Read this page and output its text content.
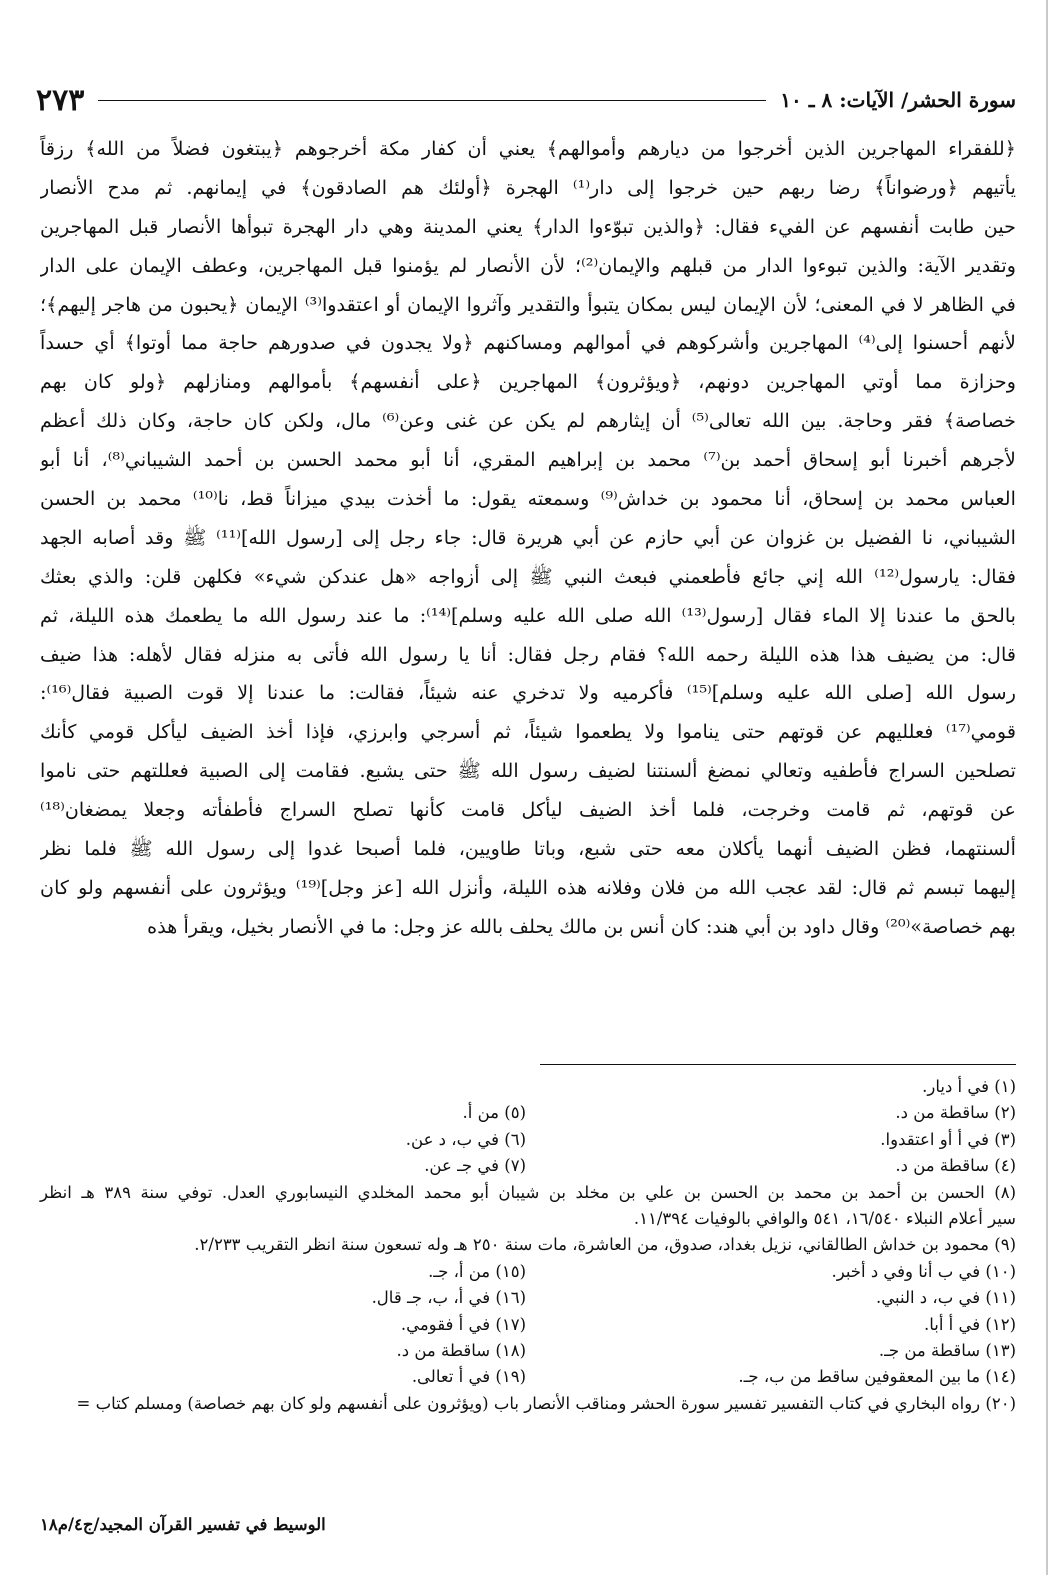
سورة الحشر/ الآيات: ٨ ـ ١٠
٢٧٣
﴿للفقراء المهاجرين الذين أخرجوا من ديارهم وأموالهم﴾ يعني أن كفار مكة أخرجوهم ﴿يبتغون فضلاً من الله﴾ رزقاً
يأتيهم ﴿ورضواناً﴾ رضا ربهم حين خرجوا إلى دار⁽¹⁾ الهجرة ﴿أولئك هم الصادقون﴾ في إيمانهم. ثم مدح الأنصار
حين طابت أنفسهم عن الفيء فقال: ﴿والذين تبوّءوا الدار﴾ يعني المدينة وهي دار الهجرة تبوأها الأنصار قبل المهاجرين
وتقدير الآية: والذين تبوءوا الدار من قبلهم والإيمان⁽²⁾؛ لأن الأنصار لم يؤمنوا قبل المهاجرين، وعطف الإيمان على الدار
في الظاهر لا في المعنى؛ لأن الإيمان ليس بمكان يتبوأ والتقدير وآثروا الإيمان أو اعتقدوا⁽³⁾ الإيمان ﴿يحبون من هاجر إليهم﴾؛
لأنهم أحسنوا إلى⁽⁴⁾ المهاجرين وأشركوهم في أموالهم ومساكنهم ﴿ولا يجدون في صدورهم حاجة مما أوتوا﴾ أي حسداً
وحزازة مما أوتي المهاجرين دونهم، ﴿ويؤثرون﴾ المهاجرين ﴿على أنفسهم﴾ بأموالهم ومنازلهم ﴿ولو كان بهم
خصاصة﴾ فقر وحاجة. بين الله تعالى⁽⁵⁾ أن إيثارهم لم يكن عن غنى وعن⁽⁶⁾ مال، ولكن كان حاجة، وكان ذلك أعظم
لأجرهم أخبرنا أبو إسحاق أحمد بن⁽⁷⁾ محمد بن إبراهيم المقري، أنا أبو محمد الحسن بن أحمد الشيباني⁽⁸⁾، أنا أبو
العباس محمد بن إسحاق، أنا محمود بن خداش⁽⁹⁾ وسمعته يقول: ما أخذت بيدي ميزاناً قط، نا⁽¹⁰⁾ محمد بن الحسن
الشيباني، نا الفضيل بن غزوان عن أبي حازم عن أبي هريرة قال: جاء رجل إلى [رسول الله]⁽¹¹⁾ ﷺ وقد أصابه الجهد
فقال: يارسول⁽¹²⁾ الله إني جائع فأطعمني فبعث النبي ﷺ إلى أزواجه «هل عندكن شيء» فكلهن قلن: والذي بعثك
بالحق ما عندنا إلا الماء فقال [رسول⁽¹³⁾ الله صلى الله عليه وسلم]⁽¹⁴⁾: ما عند رسول الله ما يطعمك هذه الليلة، ثم
قال: من يضيف هذا هذه الليلة رحمه الله؟ فقام رجل فقال: أنا يا رسول الله فأتى به منزله فقال لأهله: هذا ضيف
رسول الله [صلى الله عليه وسلم]⁽¹⁵⁾ فأكرميه ولا تدخري عنه شيئاً، فقالت: ما عندنا إلا قوت الصبية فقال⁽¹⁶⁾:
قومي⁽¹⁷⁾ فعلليهم عن قوتهم حتى يناموا ولا يطعموا شيئاً، ثم أسرجي وابرزي، فإذا أخذ الضيف ليأكل قومي كأنك
تصلحين السراج فأطفيه وتعالي نمضغ ألسنتنا لضيف رسول الله ﷺ حتى يشبع. فقامت إلى الصبية فعللتهم حتى ناموا
عن قوتهم، ثم قامت وخرجت، فلما أخذ الضيف ليأكل قامت كأنها تصلح السراج فأطفأته وجعلا يمضغان⁽¹⁸⁾
ألسنتهما، فظن الضيف أنهما يأكلان معه حتى شبع، وباتا طاويين، فلما أصبحا غدوا إلى رسول الله ﷺ فلما نظر
إليهما تبسم ثم قال: لقد عجب الله من فلان وفلانه هذه الليلة، وأنزل الله [عز وجل]⁽¹⁹⁾ ويؤثرون على أنفسهم ولو كان
بهم خصاصة»⁽²⁰⁾ وقال داود بن أبي هند: كان أنس بن مالك يحلف بالله عز وجل: ما في الأنصار بخيل، ويقرأ هذه
(١) في أ ديار.
(٢) ساقطة من د.
(٥) من أ.
(٣) في أ أو اعتقدوا.
(٦) في ب، د عن.
(٤) ساقطة من د.
(٧) في جـ عن.
(٨) الحسن بن أحمد بن محمد بن الحسن بن علي بن مخلد بن شيبان أبو محمد المخلدي النيسابوري العدل. توفي سنة ٣٨٩ هـ انظر
سير أعلام النبلاء ١٦/٥٤٠، ٥٤١ والوافي بالوفيات ١١/٣٩٤.
(٩) محمود بن خداش الطالقاني، نزيل بغداد، صدوق، من العاشرة، مات سنة ٢٥٠ هـ وله تسعون سنة انظر التقريب ٢/٢٣٣.
(١٠) في ب أنا وفي د أخبر.
(١٥) من أ، جـ.
(١١) في ب، د النبي.
(١٦) في أ، ب، جـ قال.
(١٢) في أ أبا.
(١٧) في أ فقومي.
(١٣) ساقطة من جـ.
(١٨) ساقطة من د.
(١٤) ما بين المعقوفين ساقط من ب، جـ.
(١٩) في أ تعالى.
(٢٠) رواه البخاري في كتاب التفسير تفسير سورة الحشر ومناقب الأنصار باب (ويؤثرون على أنفسهم ولو كان بهم خصاصة) ومسلم كتاب =
الوسيط في تفسير القرآن المجيد/ج٤/م١٨
